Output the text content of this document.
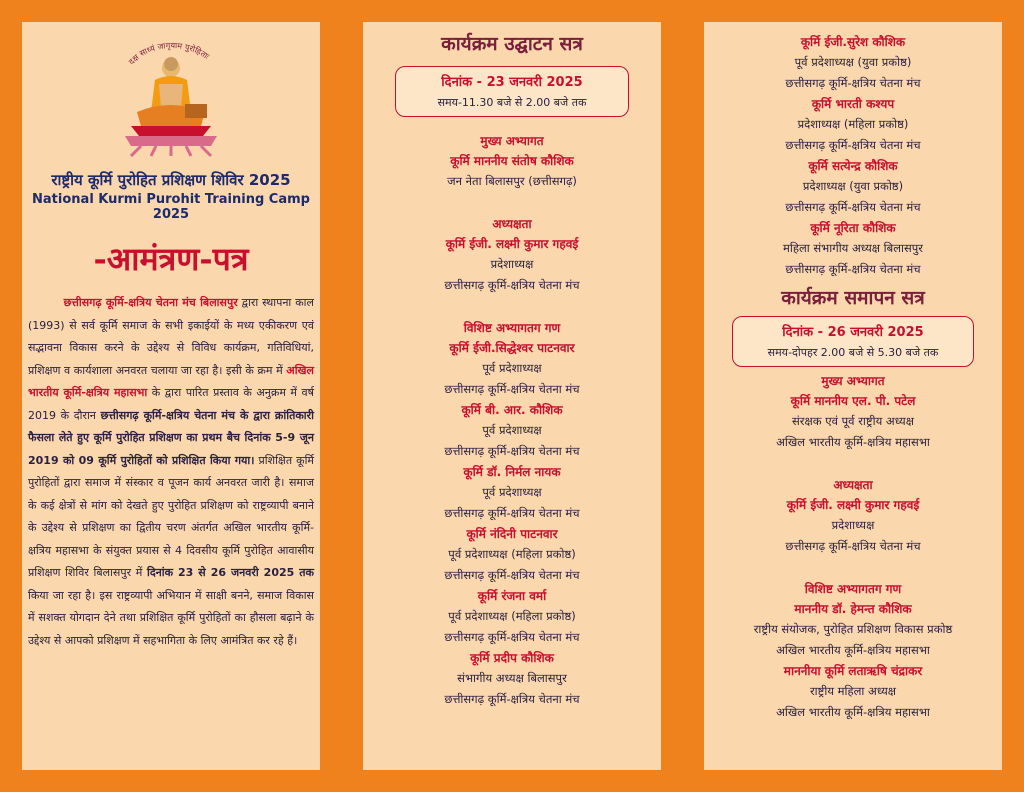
दक्ष साध्यं जागृयाम पुरोहिताः
राष्ट्रीय कूर्मि पुरोहित प्रशिक्षण शिविर 2025
National Kurmi Purohit Training Camp 2025
-आमंत्रण-पत्र
छत्तीसगढ़ कूर्मि-क्षत्रिय चेतना मंच बिलासपुर द्वारा स्थापना काल (1993) से सर्व कूर्मि समाज के सभी इकाईयों के मध्य एकीकरण एवं सद्भावना विकास करने के उद्देश्य से विविध कार्यक्रम, गतिविधियां, प्रशिक्षण व कार्यशाला अनवरत चलाया जा रहा है। इसी के क्रम में अखिल भारतीय कूर्मि-क्षत्रिय महासभा के द्वारा पारित प्रस्ताव के अनुक्रम में वर्ष 2019 के दौरान छत्तीसगढ़ कूर्मि-क्षत्रिय चेतना मंच के द्वारा क्रांतिकारी फैसला लेते हुए कूर्मि पुरोहित प्रशिक्षण का प्रथम बैच दिनांक 5-9 जून 2019 को 09 कूर्मि पुरोहितों को प्रशिक्षित किया गया। प्रशिक्षित कूर्मि पुरोहितों द्वारा समाज में संस्कार व पूजन कार्य अनवरत जारी है। समाज के कई क्षेत्रों से मांग को देखते हुए पुरोहित प्रशिक्षण को राष्ट्रव्यापी बनाने के उद्देश्य से प्रशिक्षण का द्वितीय चरण अंतर्गत अखिल भारतीय कूर्मि-क्षत्रिय महासभा के संयुक्त प्रयास से 4 दिवसीय कूर्मि पुरोहित आवासीय प्रशिक्षण शिविर बिलासपुर में दिनांक 23 से 26 जनवरी 2025 तक किया जा रहा है। इस राष्ट्रव्यापी अभियान में साक्षी बनने, समाज विकास में सशक्त योगदान देने तथा प्रशिक्षित कूर्मि पुरोहितों का हौसला बढ़ाने के उद्देश्य से आपको प्रशिक्षण में सहभागिता के लिए आमंत्रित कर रहे हैं।
कार्यक्रम उद्घाटन सत्र
दिनांक - 23 जनवरी 2025
समय-11.30 बजे से 2.00 बजे तक
मुख्य अभ्यागत
कूर्मि माननीय संतोष कौशिक
जन नेता बिलासपुर (छत्तीसगढ़)
अध्यक्षता
कूर्मि ईजी. लक्ष्मी कुमार गहवई
प्रदेशाध्यक्ष
छत्तीसगढ़ कूर्मि-क्षत्रिय चेतना मंच
विशिष्ट अभ्यागतग गण
कूर्मि ईजी.सिद्धेश्वर पाटनवार
पूर्व प्रदेशाध्यक्ष
छत्तीसगढ़ कूर्मि-क्षत्रिय चेतना मंच
कूर्मि बी. आर. कौशिक
पूर्व प्रदेशाध्यक्ष
छत्तीसगढ़ कूर्मि-क्षत्रिय चेतना मंच
कूर्मि डॉ. निर्मल नायक
पूर्व प्रदेशाध्यक्ष
छत्तीसगढ़ कूर्मि-क्षत्रिय चेतना मंच
कूर्मि नंदिनी पाटनवार
पूर्व प्रदेशाध्यक्ष (महिला प्रकोष्ठ)
छत्तीसगढ़ कूर्मि-क्षत्रिय चेतना मंच
कूर्मि रंजना वर्मा
पूर्व प्रदेशाध्यक्ष (महिला प्रकोष्ठ)
छत्तीसगढ़ कूर्मि-क्षत्रिय चेतना मंच
कूर्मि प्रदीप कौशिक
संभागीय अध्यक्ष बिलासपुर
छत्तीसगढ़ कूर्मि-क्षत्रिय चेतना मंच
कूर्मि ईजी.सुरेश कौशिक
पूर्व प्रदेशाध्यक्ष (युवा प्रकोष्ठ)
छत्तीसगढ़ कूर्मि-क्षत्रिय चेतना मंच
कूर्मि भारती कश्यप
प्रदेशाध्यक्ष (महिला प्रकोष्ठ)
छत्तीसगढ़ कूर्मि-क्षत्रिय चेतना मंच
कूर्मि सत्येन्द्र कौशिक
प्रदेशाध्यक्ष (युवा प्रकोष्ठ)
छत्तीसगढ़ कूर्मि-क्षत्रिय चेतना मंच
कूर्मि नूरिता कौशिक
महिला संभागीय अध्यक्ष बिलासपुर
छत्तीसगढ़ कूर्मि-क्षत्रिय चेतना मंच
कार्यक्रम समापन सत्र
दिनांक - 26 जनवरी 2025
समय-दोपहर 2.00 बजे से 5.30 बजे तक
मुख्य अभ्यागत
कूर्मि माननीय एल. पी. पटेल
संरक्षक एवं पूर्व राष्ट्रीय अध्यक्ष
अखिल भारतीय कूर्मि-क्षत्रिय महासभा
अध्यक्षता
कूर्मि ईजी. लक्ष्मी कुमार गहवई
प्रदेशाध्यक्ष
छत्तीसगढ़ कूर्मि-क्षत्रिय चेतना मंच
विशिष्ट अभ्यागतग गण
माननीय डॉ. हेमन्त कौशिक
राष्ट्रीय संयोजक, पुरोहित प्रशिक्षण विकास प्रकोष्ठ
अखिल भारतीय कूर्मि-क्षत्रिय महासभा
माननीया कूर्मि लताऋषि चंद्राकर
राष्ट्रीय महिला अध्यक्ष
अखिल भारतीय कूर्मि-क्षत्रिय महासभा
